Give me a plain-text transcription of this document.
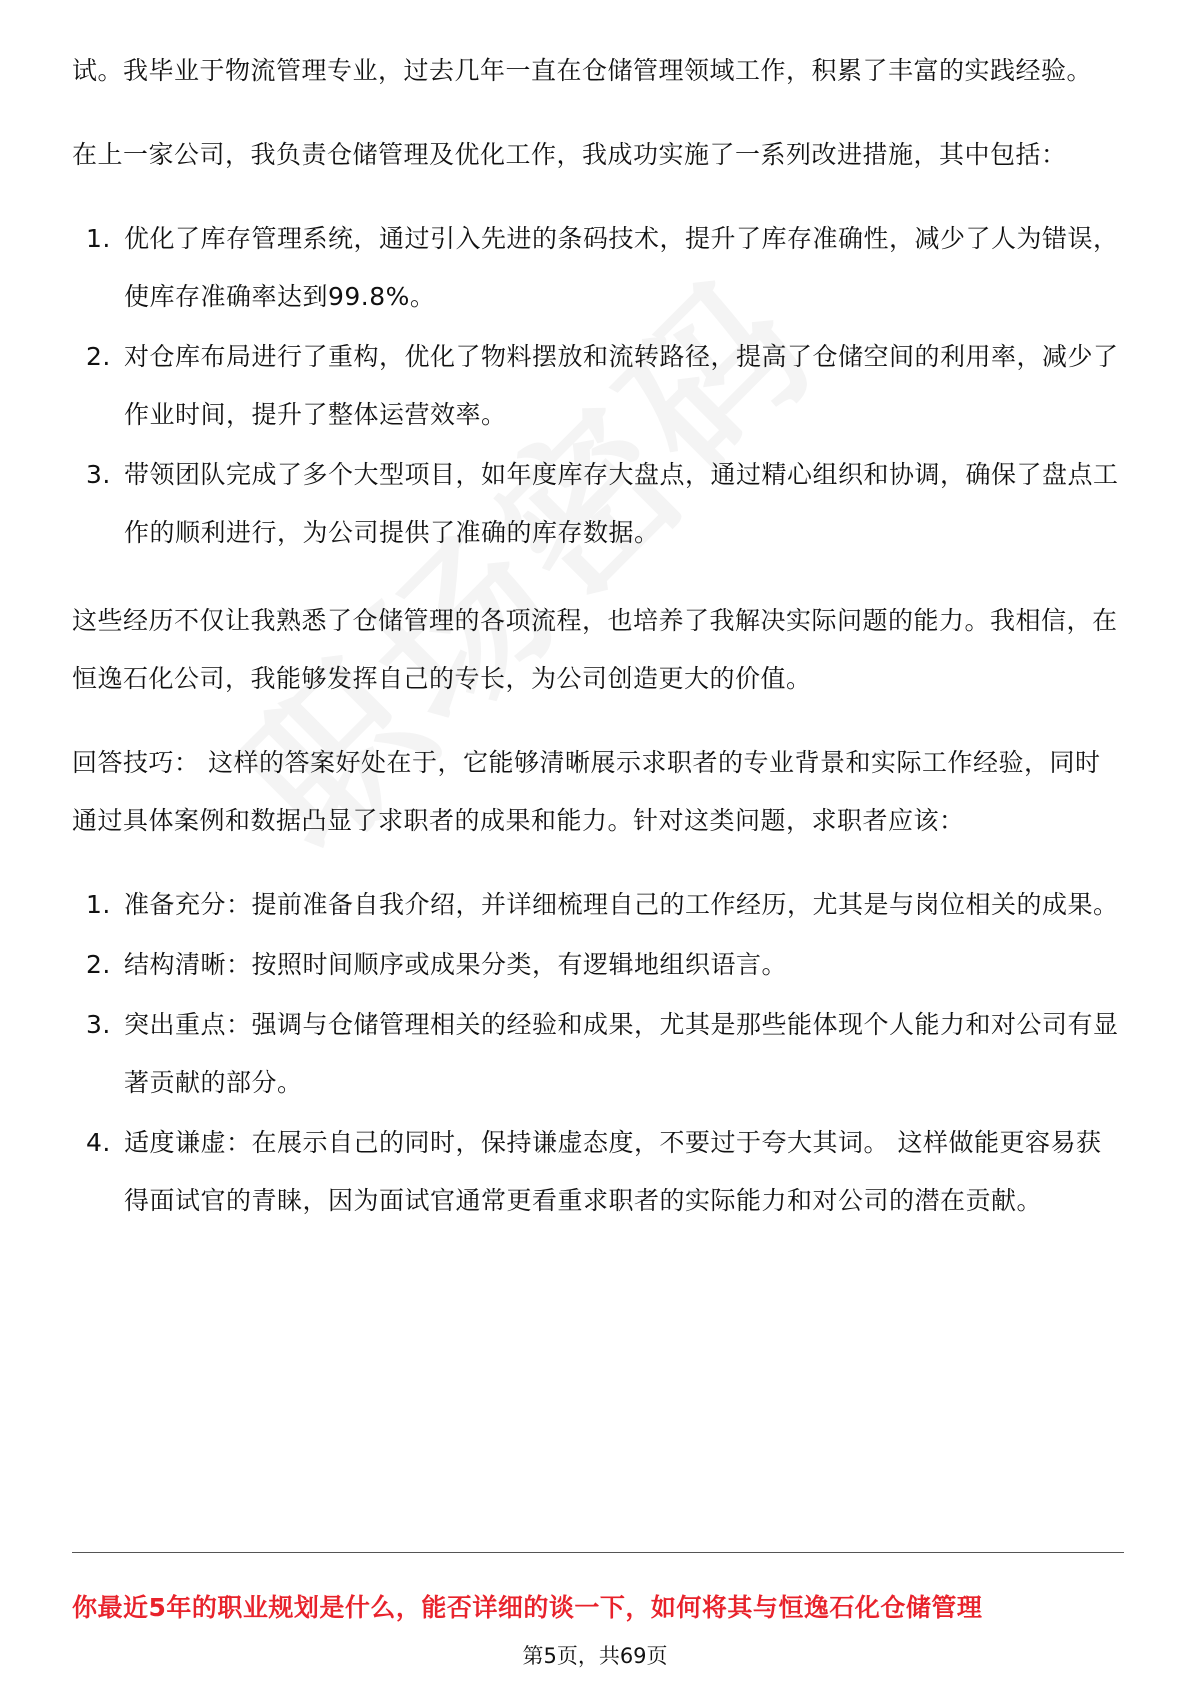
试。我毕业于物流管理专业，过去几年一直在仓储管理领域工作，积累了丰富的实践经验。

在上一家公司，我负责仓储管理及优化工作，我成功实施了一系列改进措施，其中包括：

1. 优化了库存管理系统，通过引入先进的条码技术，提升了库存准确性，减少了人为错误，使库存准确率达到99.8%。
2. 对仓库布局进行了重构，优化了物料摆放和流转路径，提高了仓储空间的利用率，减少了作业时间，提升了整体运营效率。
3. 带领团队完成了多个大型项目，如年度库存大盘点，通过精心组织和协调，确保了盘点工作的顺利进行，为公司提供了准确的库存数据。

这些经历不仅让我熟悉了仓储管理的各项流程，也培养了我解决实际问题的能力。我相信，在恒逸石化公司，我能够发挥自己的专长，为公司创造更大的价值。

回答技巧： 这样的答案好处在于，它能够清晰展示求职者的专业背景和实际工作经验，同时通过具体案例和数据凸显了求职者的成果和能力。针对这类问题，求职者应该：

1. 准备充分：提前准备自我介绍，并详细梳理自己的工作经历，尤其是与岗位相关的成果。
2. 结构清晰：按照时间顺序或成果分类，有逻辑地组织语言。
3. 突出重点：强调与仓储管理相关的经验和成果，尤其是那些能体现个人能力和对公司有显著贡献的部分。
4. 适度谦虚：在展示自己的同时，保持谦虚态度，不要过于夸大其词。 这样做能更容易获得面试官的青睐，因为面试官通常更看重求职者的实际能力和对公司的潜在贡献。
你最近5年的职业规划是什么，能否详细的谈一下，如何将其与恒逸石化仓储管理
第5页，共69页
